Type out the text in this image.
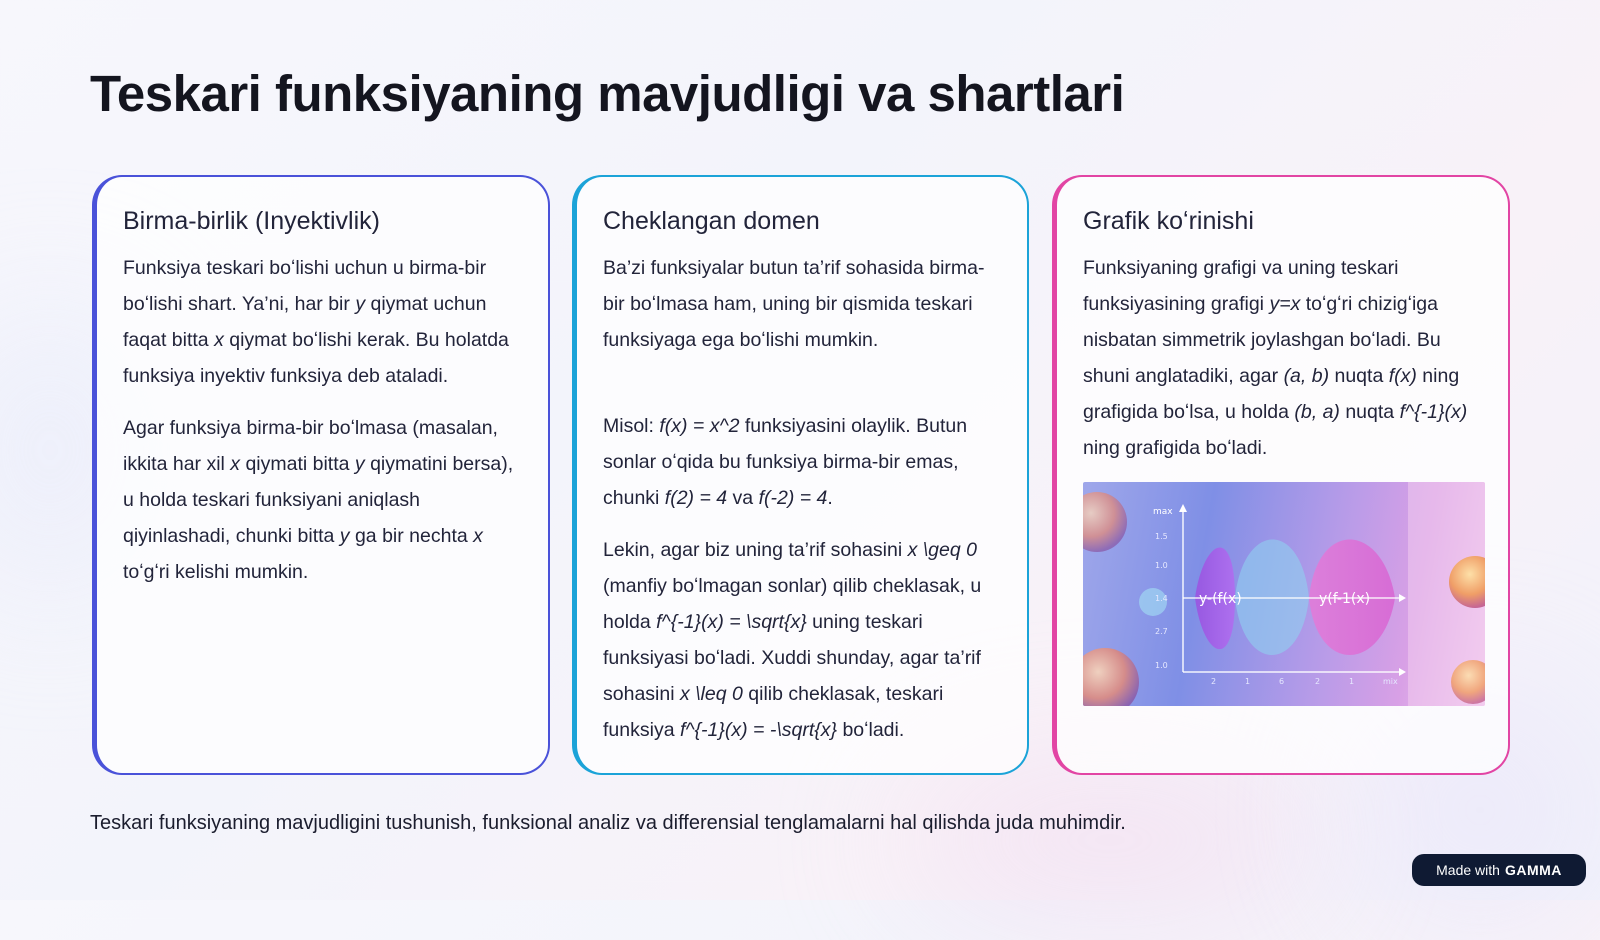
Teskari funksiyaning mavjudligi va shartlari
Birma-birlik (Inyektivlik)

Funksiya teskari boʻlishi uchun u birma-bir boʻlishi shart. Ya’ni, har bir y qiymat uchun faqat bitta x qiymat boʻlishi kerak. Bu holatda funksiya inyektiv funksiya deb ataladi.

Agar funksiya birma-bir boʻlmasa (masalan, ikkita har xil x qiymati bitta y qiymatini bersa), u holda teskari funksiyani aniqlash qiyinlashadi, chunki bitta y ga bir nechta x toʻgʻri kelishi mumkin.

Cheklangan domen

Ba’zi funksiyalar butun ta’rif sohasida birma-bir boʻlmasa ham, uning bir qismida teskari funksiyaga ega boʻlishi mumkin.

Misol: f(x) = x^2 funksiyasini olaylik. Butun sonlar oʻqida bu funksiya birma-bir emas, chunki f(2) = 4 va f(-2) = 4.

Lekin, agar biz uning ta’rif sohasini x \geq 0 (manfiy boʻlmagan sonlar) qilib cheklasak, u holda f^{-1}(x) = \sqrt{x} uning teskari funksiyasi boʻladi. Xuddi shunday, agar ta’rif sohasini x \leq 0 qilib cheklasak, teskari funksiya f^{-1}(x) = -\sqrt{x} boʻladi.

Grafik koʻrinishi

Funksiyaning grafigi va uning teskari funksiyasining grafigi y=x toʻgʻri chizigʻiga nisbatan simmetrik joylashgan boʻladi. Bu shuni anglatadiki, agar (a, b) nuqta f(x) ning grafigida boʻlsa, u holda (b, a) nuqta f^{-1}(x) ning grafigida boʻladi.

max
1.5
1.0
1.4
2.7
1.0
2	1	6	2	1	mix
y-(f(x)	y(f-1(x)

Teskari funksiyaning mavjudligini tushunish, funksional analiz va differensial tenglamalarni hal qilishda juda muhimdir.

Made with GAMMA
